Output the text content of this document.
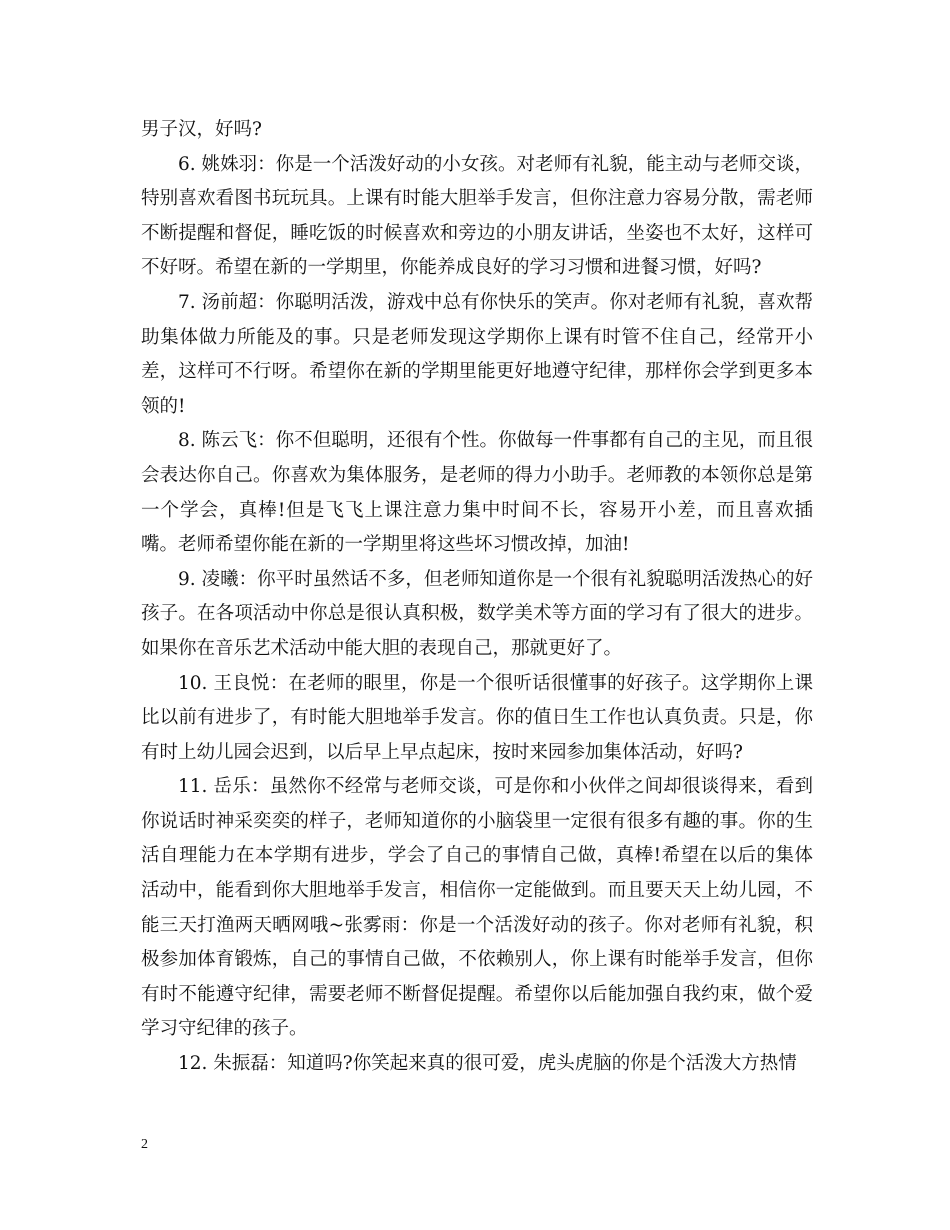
男子汉，好吗?

6. 姚姝羽：你是一个活泼好动的小女孩。对老师有礼貌，能主动与老师交谈，特别喜欢看图书玩玩具。上课有时能大胆举手发言，但你注意力容易分散，需老师不断提醒和督促，睡吃饭的时候喜欢和旁边的小朋友讲话，坐姿也不太好，这样可不好呀。希望在新的一学期里，你能养成良好的学习习惯和进餐习惯，好吗?

7. 汤前超：你聪明活泼，游戏中总有你快乐的笑声。你对老师有礼貌，喜欢帮助集体做力所能及的事。只是老师发现这学期你上课有时管不住自己，经常开小差，这样可不行呀。希望你在新的学期里能更好地遵守纪律，那样你会学到更多本领的!

8. 陈云飞：你不但聪明，还很有个性。你做每一件事都有自己的主见，而且很会表达你自己。你喜欢为集体服务，是老师的得力小助手。老师教的本领你总是第一个学会，真棒!但是飞飞上课注意力集中时间不长，容易开小差，而且喜欢插嘴。老师希望你能在新的一学期里将这些坏习惯改掉，加油!

9. 凌曦：你平时虽然话不多，但老师知道你是一个很有礼貌聪明活泼热心的好孩子。在各项活动中你总是很认真积极，数学美术等方面的学习有了很大的进步。如果你在音乐艺术活动中能大胆的表现自己，那就更好了。

10. 王良悦：在老师的眼里，你是一个很听话很懂事的好孩子。这学期你上课比以前有进步了，有时能大胆地举手发言。你的值日生工作也认真负责。只是，你有时上幼儿园会迟到，以后早上早点起床，按时来园参加集体活动，好吗?

11. 岳乐：虽然你不经常与老师交谈，可是你和小伙伴之间却很谈得来，看到你说话时神采奕奕的样子，老师知道你的小脑袋里一定很有很多有趣的事。你的生活自理能力在本学期有进步，学会了自己的事情自己做，真棒!希望在以后的集体活动中，能看到你大胆地举手发言，相信你一定能做到。而且要天天上幼儿园，不能三天打渔两天晒网哦~张雾雨：你是一个活泼好动的孩子。你对老师有礼貌，积极参加体育锻炼，自己的事情自己做，不依赖别人，你上课有时能举手发言，但你有时不能遵守纪律，需要老师不断督促提醒。希望你以后能加强自我约束，做个爱学习守纪律的孩子。

12. 朱振磊：知道吗?你笑起来真的很可爱，虎头虎脑的你是个活泼大方热情

2
